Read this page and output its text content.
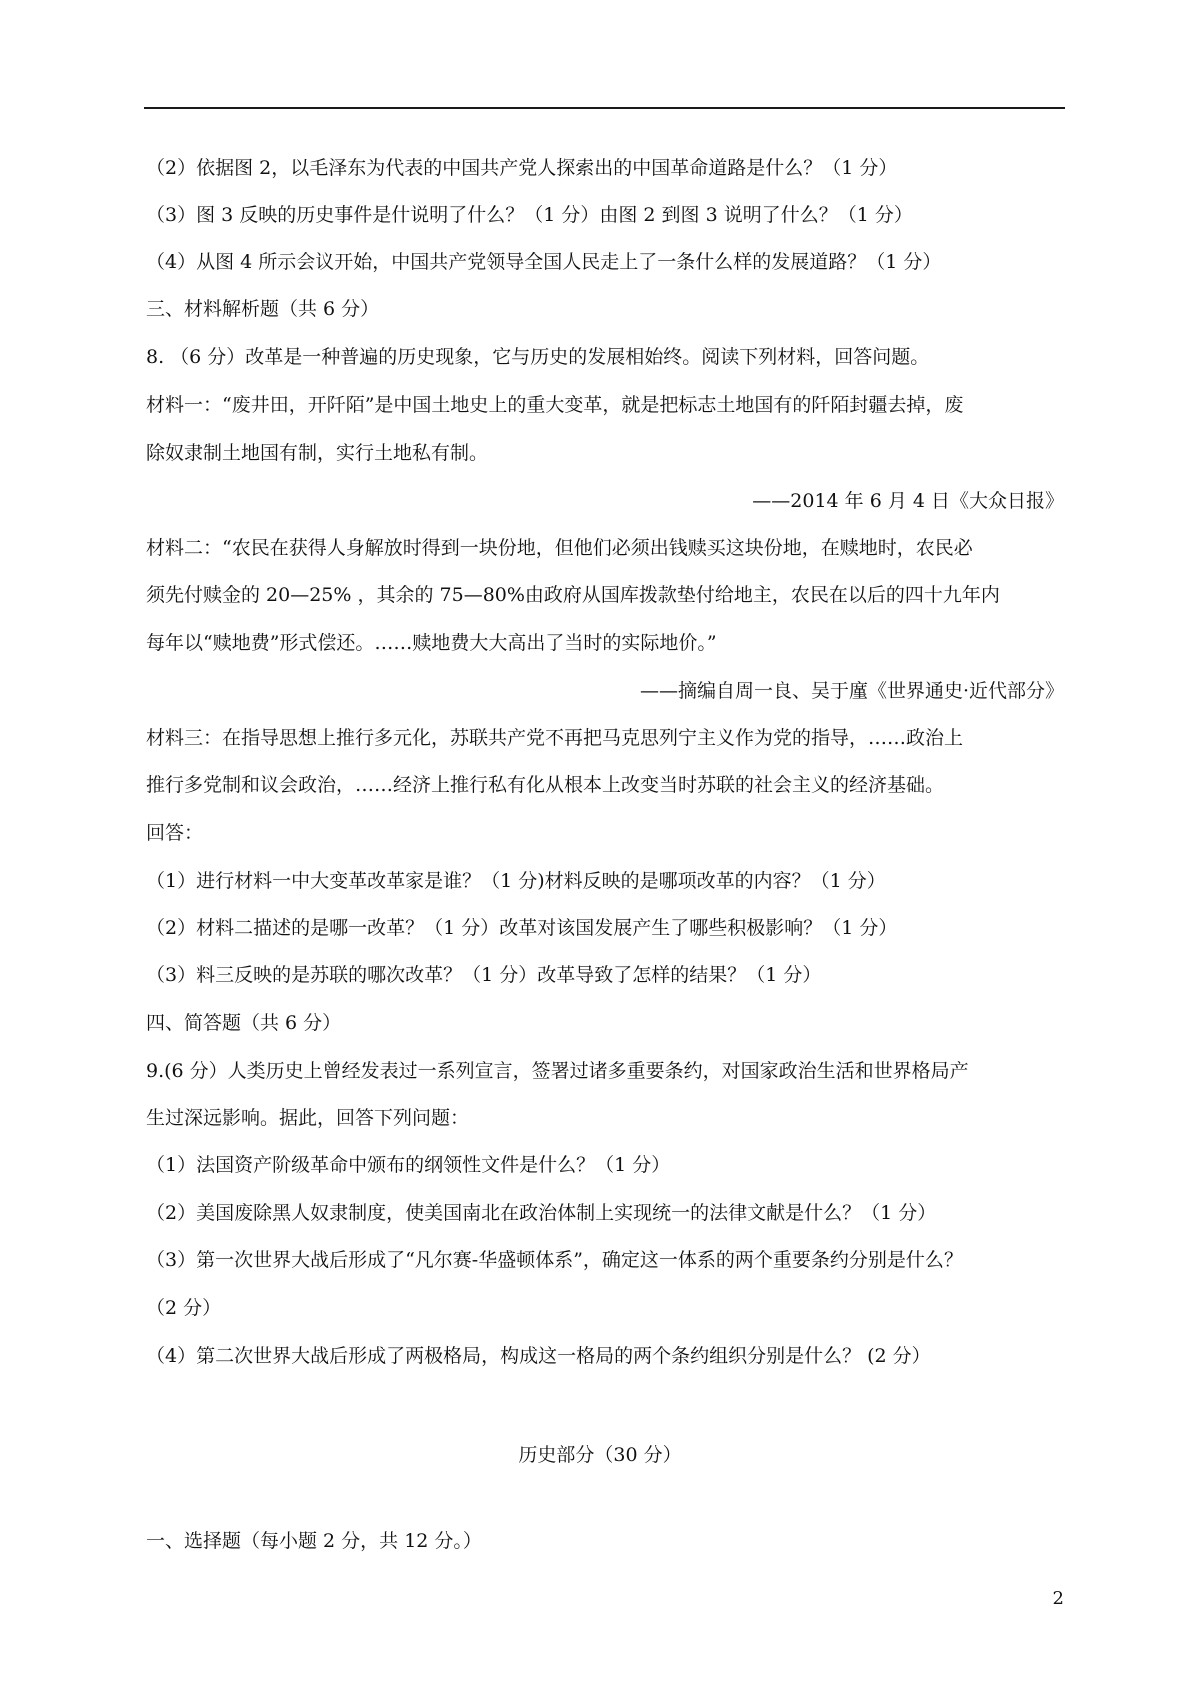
（2）依据图 2，以毛泽东为代表的中国共产党人探索出的中国革命道路是什么？（1 分）
（3）图 3 反映的历史事件是什说明了什么？（1 分）由图 2 到图 3 说明了什么？（1 分）
（4）从图 4 所示会议开始，中国共产党领导全国人民走上了一条什么样的发展道路？（1 分）
三、材料解析题（共 6 分）
8. （6 分）改革是一种普遍的历史现象，它与历史的发展相始终。阅读下列材料，回答问题。
材料一：“废井田，开阡陌”是中国土地史上的重大变革，就是把标志土地国有的阡陌封疆去掉，废
除奴隶制土地国有制，实行土地私有制。
——2014 年 6 月 4 日《大众日报》
材料二：“农民在获得人身解放时得到一块份地，但他们必须出钱赎买这块份地，在赎地时，农民必
须先付赎金的 20—25% ，其余的 75—80%由政府从国库拨款垫付给地主，农民在以后的四十九年内
每年以“赎地费”形式偿还。……赎地费大大高出了当时的实际地价。”
——摘编自周一良、吴于廑《世界通史·近代部分》
材料三：在指导思想上推行多元化，苏联共产党不再把马克思列宁主义作为党的指导，……政治上
推行多党制和议会政治，……经济上推行私有化从根本上改变当时苏联的社会主义的经济基础。
回答：
（1）进行材料一中大变革改革家是谁？（1 分)材料反映的是哪项改革的内容？（1 分）
（2）材料二描述的是哪一改革？（1 分）改革对该国发展产生了哪些积极影响？（1 分）
（3）料三反映的是苏联的哪次改革？（1 分）改革导致了怎样的结果？（1 分）
四、简答题（共 6 分）
9.(6 分）人类历史上曾经发表过一系列宣言，签署过诸多重要条约，对国家政治生活和世界格局产
生过深远影响。据此，回答下列问题：
（1）法国资产阶级革命中颁布的纲领性文件是什么？（1 分）
（2）美国废除黑人奴隶制度，使美国南北在政治体制上实现统一的法律文献是什么？（1 分）
（3）第一次世界大战后形成了“凡尔赛-华盛顿体系”，确定这一体系的两个重要条约分别是什么？
（2 分）
（4）第二次世界大战后形成了两极格局，构成这一格局的两个条约组织分别是什么？ (2 分）
历史部分（30 分）
一、选择题（每小题 2 分，共 12 分。）
2
